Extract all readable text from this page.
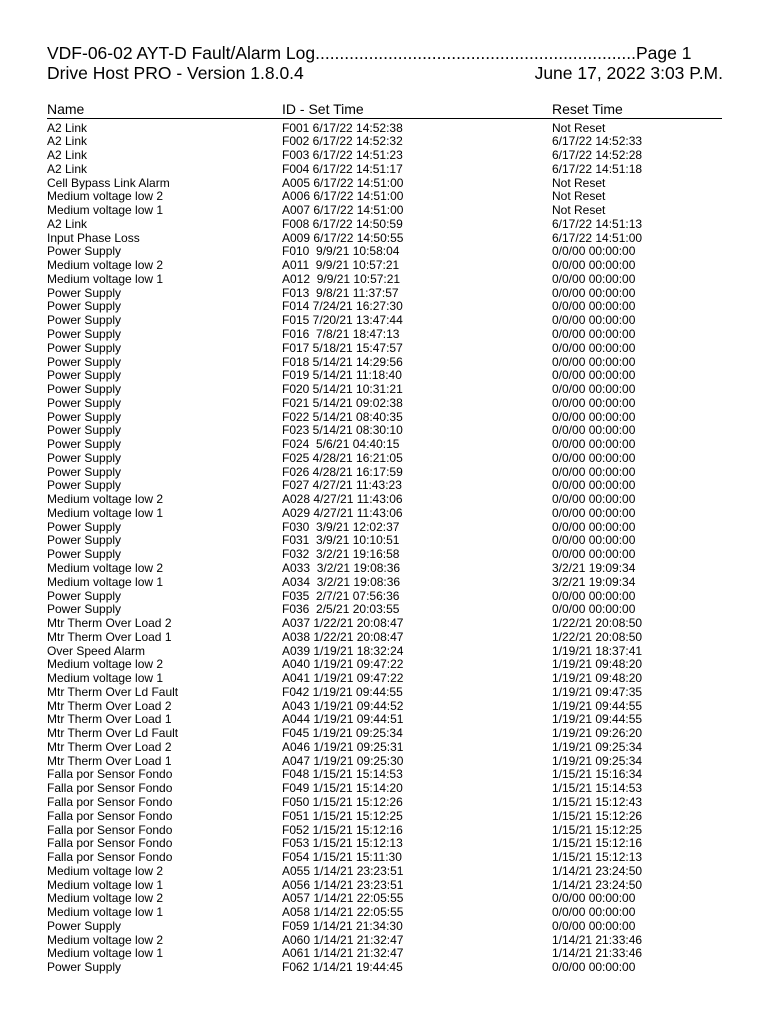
VDF-06-02 AYT-D Fault/Alarm Log..................................................................Page 1
Drive Host PRO - Version 1.8.0.4	June 17, 2022 3:03 P.M.
Name	ID - Set Time	Reset Time
A2 Link	F001 6/17/22 14:52:38	Not Reset
A2 Link	F002 6/17/22 14:52:32	6/17/22 14:52:33
A2 Link	F003 6/17/22 14:51:23	6/17/22 14:52:28
A2 Link	F004 6/17/22 14:51:17	6/17/22 14:51:18
Cell Bypass Link Alarm	A005 6/17/22 14:51:00	Not Reset
Medium voltage low 2	A006 6/17/22 14:51:00	Not Reset
Medium voltage low 1	A007 6/17/22 14:51:00	Not Reset
A2 Link	F008 6/17/22 14:50:59	6/17/22 14:51:13
Input Phase Loss	A009 6/17/22 14:50:55	6/17/22 14:51:00
Power Supply	F010  9/9/21 10:58:04	0/0/00 00:00:00
Medium voltage low 2	A011  9/9/21 10:57:21	0/0/00 00:00:00
Medium voltage low 1	A012  9/9/21 10:57:21	0/0/00 00:00:00
Power Supply	F013  9/8/21 11:37:57	0/0/00 00:00:00
Power Supply	F014 7/24/21 16:27:30	0/0/00 00:00:00
Power Supply	F015 7/20/21 13:47:44	0/0/00 00:00:00
Power Supply	F016  7/8/21 18:47:13	0/0/00 00:00:00
Power Supply	F017 5/18/21 15:47:57	0/0/00 00:00:00
Power Supply	F018 5/14/21 14:29:56	0/0/00 00:00:00
Power Supply	F019 5/14/21 11:18:40	0/0/00 00:00:00
Power Supply	F020 5/14/21 10:31:21	0/0/00 00:00:00
Power Supply	F021 5/14/21 09:02:38	0/0/00 00:00:00
Power Supply	F022 5/14/21 08:40:35	0/0/00 00:00:00
Power Supply	F023 5/14/21 08:30:10	0/0/00 00:00:00
Power Supply	F024  5/6/21 04:40:15	0/0/00 00:00:00
Power Supply	F025 4/28/21 16:21:05	0/0/00 00:00:00
Power Supply	F026 4/28/21 16:17:59	0/0/00 00:00:00
Power Supply	F027 4/27/21 11:43:23	0/0/00 00:00:00
Medium voltage low 2	A028 4/27/21 11:43:06	0/0/00 00:00:00
Medium voltage low 1	A029 4/27/21 11:43:06	0/0/00 00:00:00
Power Supply	F030  3/9/21 12:02:37	0/0/00 00:00:00
Power Supply	F031  3/9/21 10:10:51	0/0/00 00:00:00
Power Supply	F032  3/2/21 19:16:58	0/0/00 00:00:00
Medium voltage low 2	A033  3/2/21 19:08:36	3/2/21 19:09:34
Medium voltage low 1	A034  3/2/21 19:08:36	3/2/21 19:09:34
Power Supply	F035  2/7/21 07:56:36	0/0/00 00:00:00
Power Supply	F036  2/5/21 20:03:55	0/0/00 00:00:00
Mtr Therm Over Load 2	A037 1/22/21 20:08:47	1/22/21 20:08:50
Mtr Therm Over Load 1	A038 1/22/21 20:08:47	1/22/21 20:08:50
Over Speed Alarm	A039 1/19/21 18:32:24	1/19/21 18:37:41
Medium voltage low 2	A040 1/19/21 09:47:22	1/19/21 09:48:20
Medium voltage low 1	A041 1/19/21 09:47:22	1/19/21 09:48:20
Mtr Therm Over Ld Fault	F042 1/19/21 09:44:55	1/19/21 09:47:35
Mtr Therm Over Load 2	A043 1/19/21 09:44:52	1/19/21 09:44:55
Mtr Therm Over Load 1	A044 1/19/21 09:44:51	1/19/21 09:44:55
Mtr Therm Over Ld Fault	F045 1/19/21 09:25:34	1/19/21 09:26:20
Mtr Therm Over Load 2	A046 1/19/21 09:25:31	1/19/21 09:25:34
Mtr Therm Over Load 1	A047 1/19/21 09:25:30	1/19/21 09:25:34
Falla por Sensor Fondo	F048 1/15/21 15:14:53	1/15/21 15:16:34
Falla por Sensor Fondo	F049 1/15/21 15:14:20	1/15/21 15:14:53
Falla por Sensor Fondo	F050 1/15/21 15:12:26	1/15/21 15:12:43
Falla por Sensor Fondo	F051 1/15/21 15:12:25	1/15/21 15:12:26
Falla por Sensor Fondo	F052 1/15/21 15:12:16	1/15/21 15:12:25
Falla por Sensor Fondo	F053 1/15/21 15:12:13	1/15/21 15:12:16
Falla por Sensor Fondo	F054 1/15/21 15:11:30	1/15/21 15:12:13
Medium voltage low 2	A055 1/14/21 23:23:51	1/14/21 23:24:50
Medium voltage low 1	A056 1/14/21 23:23:51	1/14/21 23:24:50
Medium voltage low 2	A057 1/14/21 22:05:55	0/0/00 00:00:00
Medium voltage low 1	A058 1/14/21 22:05:55	0/0/00 00:00:00
Power Supply	F059 1/14/21 21:34:30	0/0/00 00:00:00
Medium voltage low 2	A060 1/14/21 21:32:47	1/14/21 21:33:46
Medium voltage low 1	A061 1/14/21 21:32:47	1/14/21 21:33:46
Power Supply	F062 1/14/21 19:44:45	0/0/00 00:00:00
